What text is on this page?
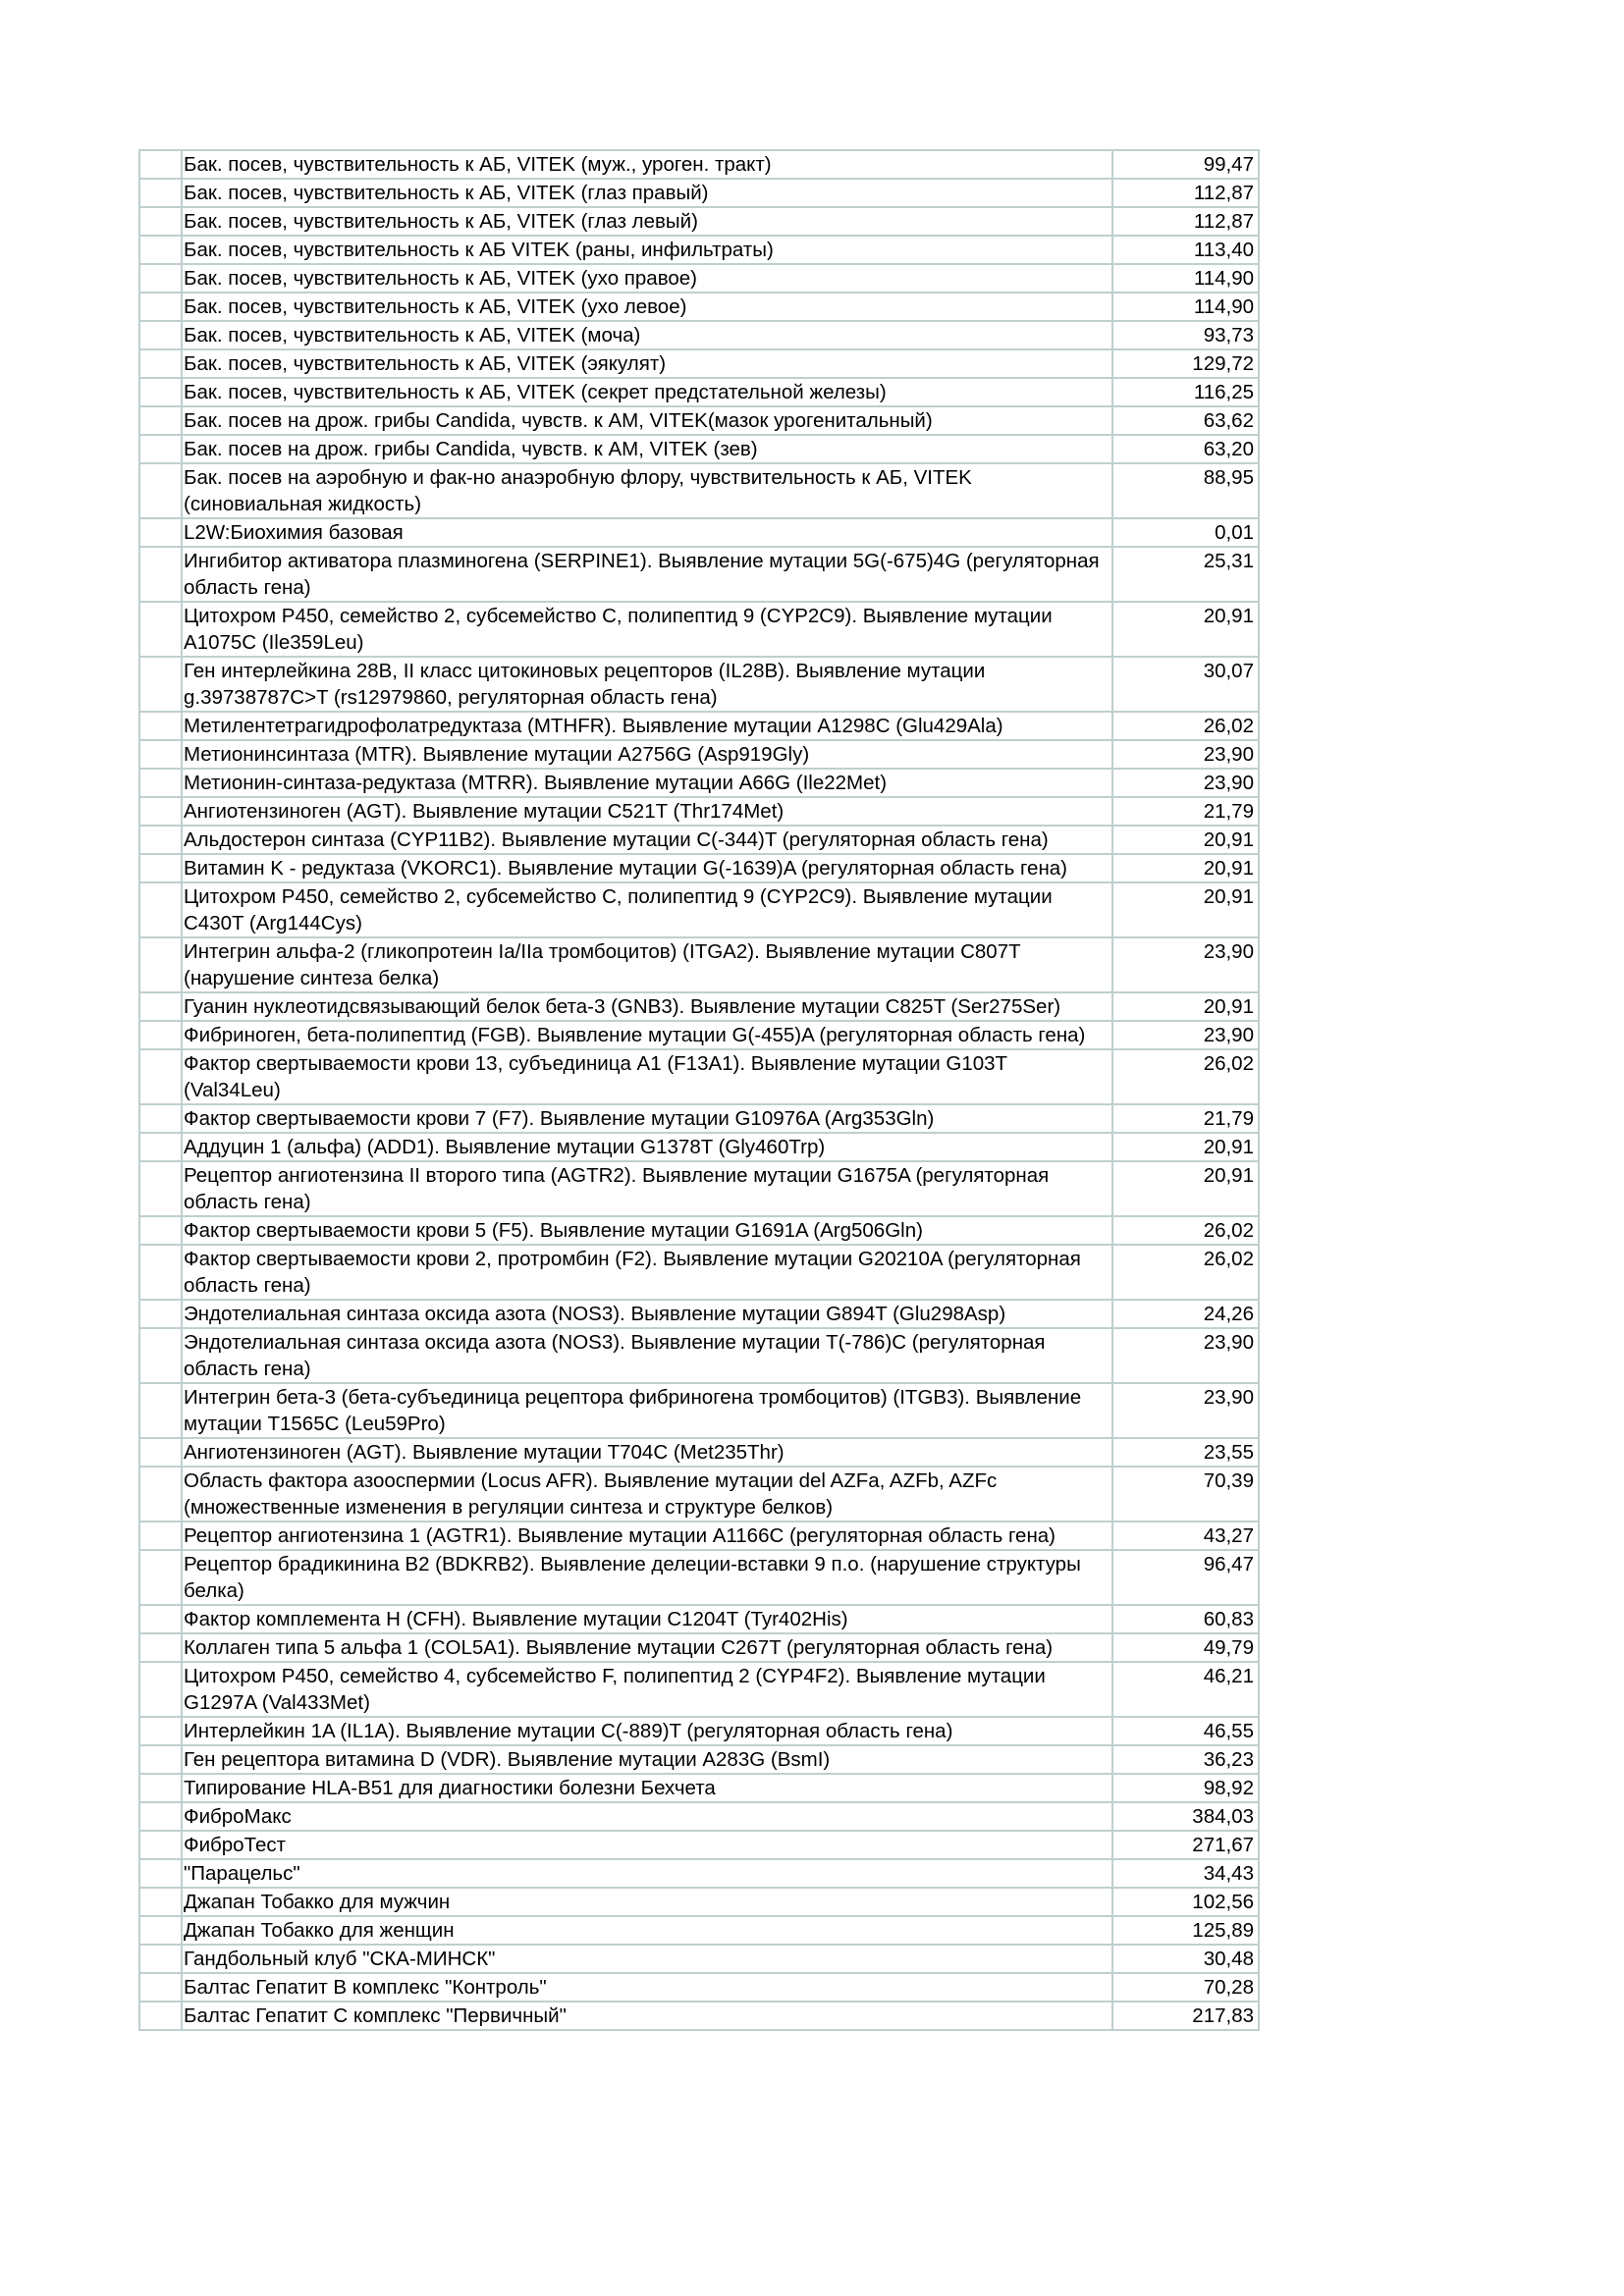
	Бак. посев, чувствительность к АБ, VITEK (муж., уроген. тракт)	99,47
	Бак. посев, чувствительность к АБ, VITEK (глаз правый)	112,87
	Бак. посев, чувствительность к АБ, VITEK (глаз левый)	112,87
	Бак. посев, чувствительность к АБ VITEK (раны, инфильтраты)	113,40
	Бак. посев, чувствительность к АБ, VITEK (ухо правое)	114,90
	Бак. посев, чувствительность к АБ, VITEK (ухо левое)	114,90
	Бак. посев, чувствительность к АБ, VITEK (моча)	93,73
	Бак. посев, чувствительность к АБ, VITEK (эякулят)	129,72
	Бак. посев, чувствительность к АБ, VITEK (секрет предстательной железы)	116,25
	Бак. посев на дрож. грибы Candida, чувств. к АМ, VITEK(мазок урогенитальный)	63,62
	Бак. посев на дрож. грибы Candida, чувств. к АМ, VITEK (зев)	63,20
	Бак. посев на аэробную и фак-но анаэробную флору, чувствительность к АБ, VITEK (синовиальная жидкость)	88,95
	L2W:Биохимия базовая	0,01
	Ингибитор активатора плазминогена (SERPINE1). Выявление мутации 5G(-675)4G (регуляторная область гена)	25,31
	Цитохром P450, семейство 2, субсемейство C, полипептид 9 (CYP2C9). Выявление мутации A1075C (Ile359Leu)	20,91
	Ген интерлейкина 28B, II класс цитокиновых рецепторов (IL28B). Выявление мутации g.39738787C>T (rs12979860, регуляторная область гена)	30,07
	Метилентетрагидрофолатредуктаза (MTHFR). Выявление мутации A1298C (Glu429Ala)	26,02
	Метионинсинтаза (MTR). Выявление мутации A2756G (Asp919Gly)	23,90
	Метионин-синтаза-редуктаза (MTRR). Выявление мутации A66G (Ile22Met)	23,90
	Ангиотензиноген (AGT). Выявление мутации C521T (Thr174Met)	21,79
	Альдостерон синтаза (CYP11B2). Выявление мутации C(-344)T (регуляторная область гена)	20,91
	Витамин K - редуктаза (VKORC1). Выявление мутации G(-1639)A (регуляторная область гена)	20,91
	Цитохром P450, семейство 2, субсемейство C, полипептид 9 (CYP2C9). Выявление мутации C430T (Arg144Cys)	20,91
	Интегрин альфа-2 (гликопротеин Ia/IIa тромбоцитов) (ITGA2). Выявление мутации C807T (нарушение синтеза белка)	23,90
	Гуанин нуклеотидсвязывающий белок бета-3 (GNB3). Выявление мутации C825T (Ser275Ser)	20,91
	Фибриноген, бета-полипептид (FGB). Выявление мутации G(-455)A (регуляторная область гена)	23,90
	Фактор свертываемости крови 13, субъединица A1 (F13A1). Выявление мутации G103T (Val34Leu)	26,02
	Фактор свертываемости крови 7 (F7). Выявление мутации G10976A (Arg353Gln)	21,79
	Аддуцин 1 (альфа) (ADD1). Выявление мутации G1378T (Gly460Trp)	20,91
	Рецептор ангиотензина II второго типа (AGTR2). Выявление мутации G1675A (регуляторная область гена)	20,91
	Фактор свертываемости крови 5 (F5). Выявление мутации G1691A (Arg506Gln)	26,02
	Фактор свертываемости крови 2, протромбин (F2). Выявление мутации G20210A (регуляторная область гена)	26,02
	Эндотелиальная синтаза оксида азота (NOS3). Выявление мутации G894T (Glu298Asp)	24,26
	Эндотелиальная синтаза оксида азота (NOS3). Выявление мутации T(-786)C (регуляторная область гена)	23,90
	Интегрин бета-3 (бета-субъединица рецептора фибриногена тромбоцитов) (ITGB3). Выявление мутации T1565C (Leu59Pro)	23,90
	Ангиотензиноген (AGT). Выявление мутации T704C (Met235Thr)	23,55
	Область фактора азооспермии (Locus AFR). Выявление мутации del AZFa, AZFb, AZFc (множественные изменения в регуляции синтеза и структуре белков)	70,39
	Рецептор ангиотензина 1 (AGTR1). Выявление мутации A1166C (регуляторная область гена)	43,27
	Рецептор брадикинина B2 (BDKRB2). Выявление делеции-вставки 9 п.о. (нарушение структуры белка)	96,47
	Фактор комплемента H (CFH). Выявление мутации C1204T (Tyr402His)	60,83
	Коллаген типа 5 альфа 1 (COL5A1). Выявление мутации C267T (регуляторная область гена)	49,79
	Цитохром P450, семейство 4, субсемейство F, полипептид 2 (CYP4F2). Выявление мутации G1297A (Val433Met)	46,21
	Интерлейкин 1A (IL1A). Выявление мутации C(-889)T (регуляторная область гена)	46,55
	Ген рецептора витамина D (VDR). Выявление мутации A283G (BsmI)	36,23
	Типирование HLA-B51 для диагностики болезни Бехчета	98,92
	ФиброМакс	384,03
	ФиброТест	271,67
	"Парацельс"	34,43
	Джапан Тобакко для мужчин	102,56
	Джапан Тобакко для женщин	125,89
	Гандбольный клуб "СКА-МИНСК"	30,48
	Балтас Гепатит B комплекс "Контроль"	70,28
	Балтас Гепатит C комплекс "Первичный"	217,83
